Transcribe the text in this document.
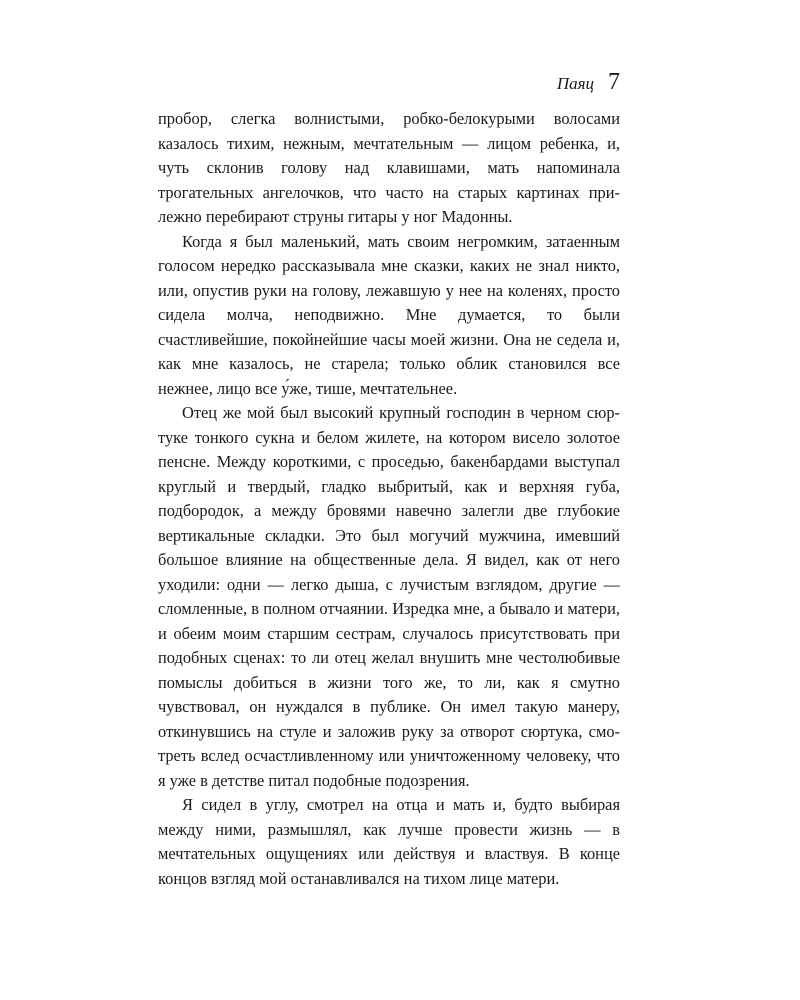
Паяц 7

пробор, слегка волнистыми, робко-белокурыми волосами казалось тихим, нежным, мечтательным — лицом ребенка, и, чуть склонив голову над клавишами, мать напоминала трогательных ангелочков, что часто на старых картинах прилежно перебирают струны гитары у ног Мадонны.

Когда я был маленький, мать своим негромким, затаенным голосом нередко рассказывала мне сказки, каких не знал никто, или, опустив руки на голову, лежавшую у нее на коленях, просто сидела молча, неподвижно. Мне думается, то были счастливейшие, покойнейшие часы моей жизни. Она не седела и, как мне казалось, не старела; только облик становился все нежнее, лицо все у́же, тише, мечтательнее.

Отец же мой был высокий крупный господин в черном сюртуке тонкого сукна и белом жилете, на котором висело золотое пенсне. Между короткими, с проседью, бакенбардами выступал круглый и твердый, гладко выбритый, как и верхняя губа, подбородок, а между бровями навечно залегли две глубокие вертикальные складки. Это был могучий мужчина, имевший большое влияние на общественные дела. Я видел, как от него уходили: одни — легко дыша, с лучистым взглядом, другие — сломленные, в полном отчаянии. Изредка мне, а бывало и матери, и обеим моим старшим сестрам, случалось присутствовать при подобных сценах: то ли отец желал внушить мне честолюбивые помыслы добиться в жизни того же, то ли, как я смутно чувствовал, он нуждался в публике. Он имел такую манеру, откинувшись на стуле и заложив руку за отворот сюртука, смотреть вслед осчастливленному или уничтоженному человеку, что я уже в детстве питал подобные подозрения.

Я сидел в углу, смотрел на отца и мать и, будто выбирая между ними, размышлял, как лучше провести жизнь — в мечтательных ощущениях или действуя и властвуя. В конце концов взгляд мой останавливался на тихом лице матери.
